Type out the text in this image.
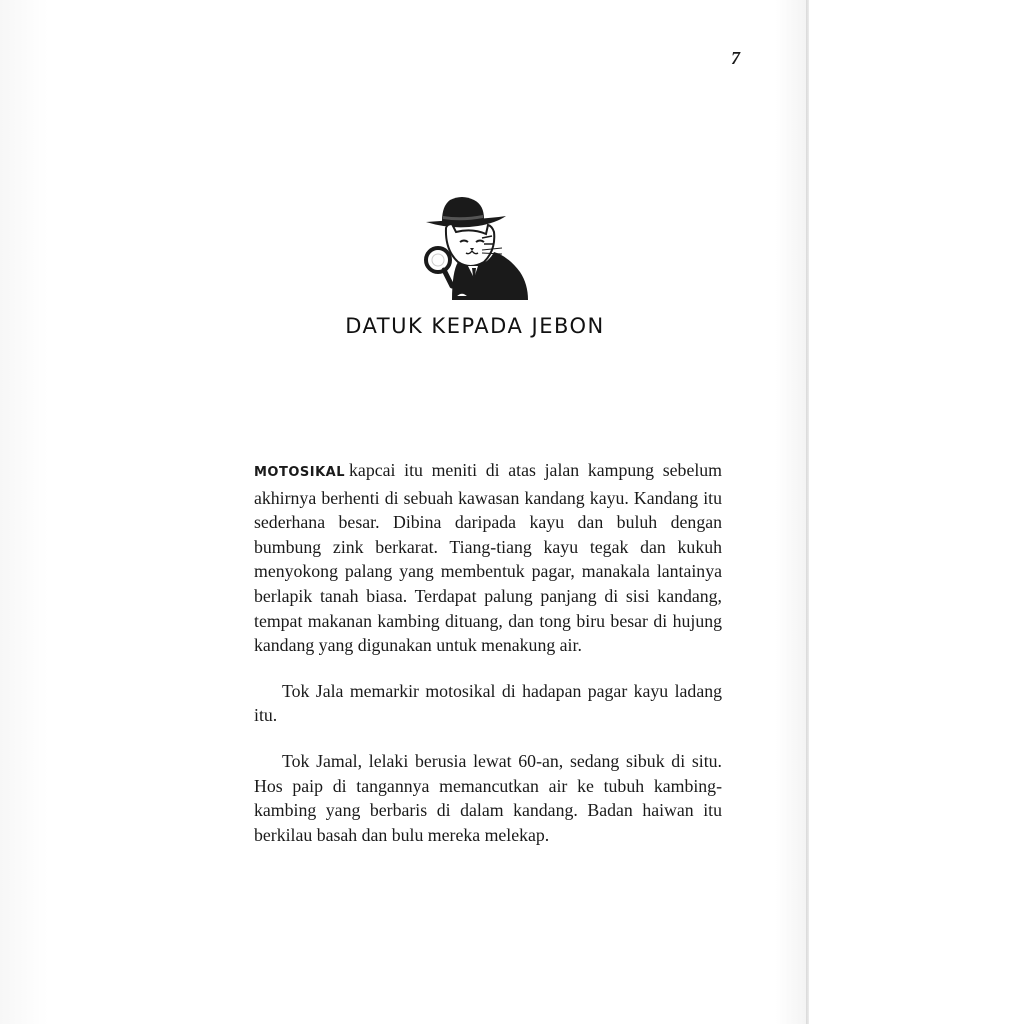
7
DATUK KEPADA JEBON

MOTOSIKAL kapcai itu meniti di atas jalan kampung sebelum akhirnya berhenti di sebuah kawasan kandang kayu. Kandang itu sederhana besar. Dibina daripada kayu dan buluh dengan bumbung zink berkarat. Tiang-tiang kayu tegak dan kukuh menyokong palang yang membentuk pagar, manakala lantainya berlapik tanah biasa. Terdapat palung panjang di sisi kandang, tempat makanan kambing dituang, dan tong biru besar di hujung kandang yang digunakan untuk menakung air.

Tok Jala memarkir motosikal di hadapan pagar kayu ladang itu.

Tok Jamal, lelaki berusia lewat 60-an, sedang sibuk di situ. Hos paip di tangannya memancutkan air ke tubuh kambing-kambing yang berbaris di dalam kandang. Badan haiwan itu berkilau basah dan bulu mereka melekap.
